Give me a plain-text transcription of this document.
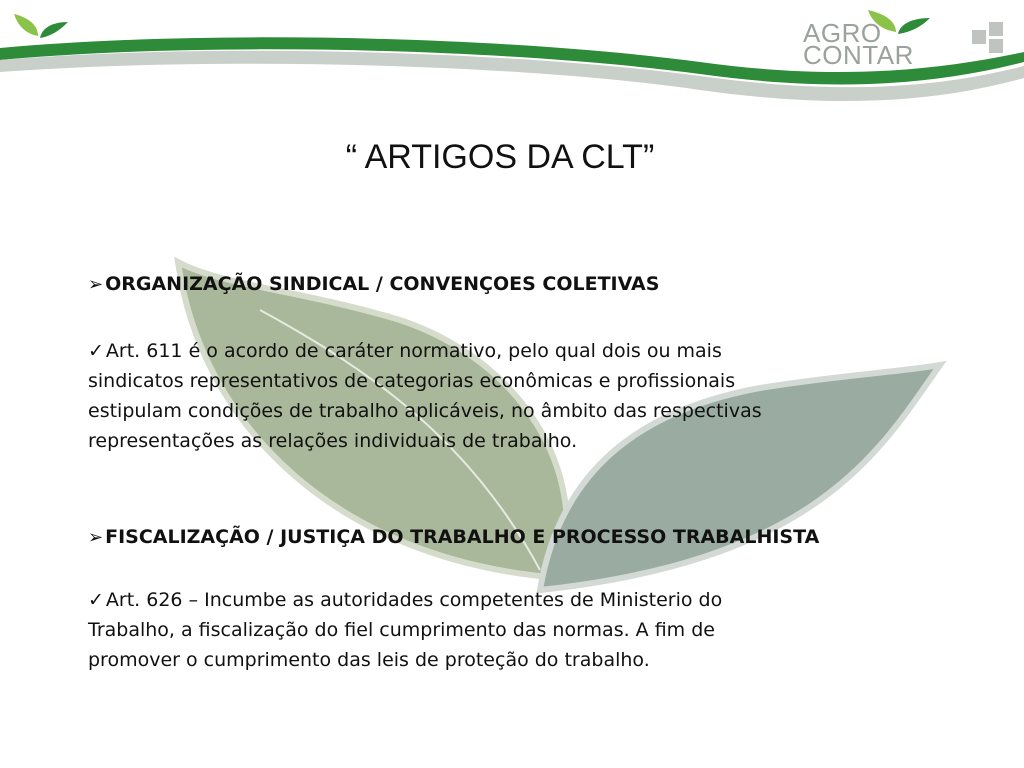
AGRO
CONTAR
“ ARTIGOS DA CLT”
➢ ORGANIZAÇÃO SINDICAL / CONVENÇOES COLETIVAS
✓ Art. 611 é o acordo de caráter normativo, pelo qual dois ou mais
sindicatos representativos de categorias econômicas e profissionais
estipulam condições de trabalho aplicáveis, no âmbito das respectivas
representações as relações individuais de trabalho.
➢ FISCALIZAÇÃO / JUSTIÇA DO TRABALHO E PROCESSO TRABALHISTA
✓ Art. 626 – Incumbe as autoridades competentes de Ministerio do
Trabalho, a fiscalização do fiel cumprimento das normas. A fim de
promover o cumprimento das leis de proteção do trabalho.
